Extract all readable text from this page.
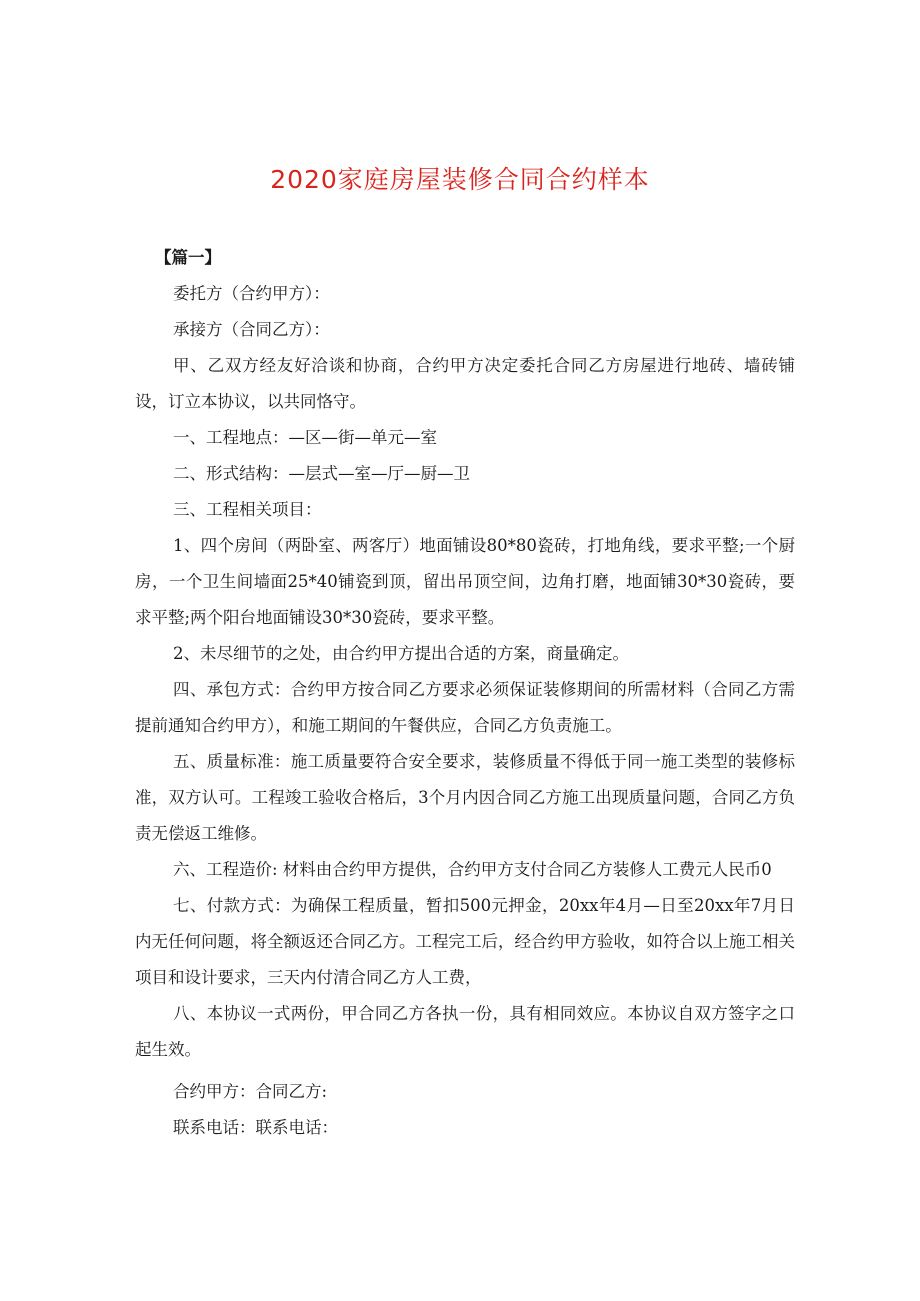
2020家庭房屋装修合同合约样本

【篇一】

委托方（合约甲方）：

承接方（合同乙方）：

甲、乙双方经友好洽谈和协商，合约甲方决定委托合同乙方房屋进行地砖、墙砖铺设，订立本协议，以共同恪守。

一、工程地点：—区—街—单元—室

二、形式结构：—层式—室—厅—厨—卫

三、工程相关项目：

1、四个房间（两卧室、两客厅）地面铺设80*80瓷砖，打地角线，要求平整;一个厨房，一个卫生间墙面25*40铺瓷到顶，留出吊顶空间，边角打磨，地面铺30*30瓷砖，要求平整;两个阳台地面铺设30*30瓷砖，要求平整。

2、未尽细节的之处，由合约甲方提出合适的方案，商量确定。

四、承包方式：合约甲方按合同乙方要求必须保证装修期间的所需材料（合同乙方需提前通知合约甲方），和施工期间的午餐供应，合同乙方负责施工。

五、质量标准：施工质量要符合安全要求，装修质量不得低于同一施工类型的装修标准，双方认可。工程竣工验收合格后，3个月内因合同乙方施工出现质量问题，合同乙方负责无偿返工维修。

六、工程造价: 材料由合约甲方提供，合约甲方支付合同乙方装修人工费元人民币0

七、付款方式：为确保工程质量，暂扣500元押金，20xx年4月—日至20xx年7月日内无任何问题，将全额返还合同乙方。工程完工后，经合约甲方验收，如符合以上施工相关项目和设计要求，三天内付清合同乙方人工费，

八、本协议一式两份，甲合同乙方各执一份，具有相同效应。本协议自双方签字之口起生效。

合约甲方：合同乙方:

联系电话：联系电话：
